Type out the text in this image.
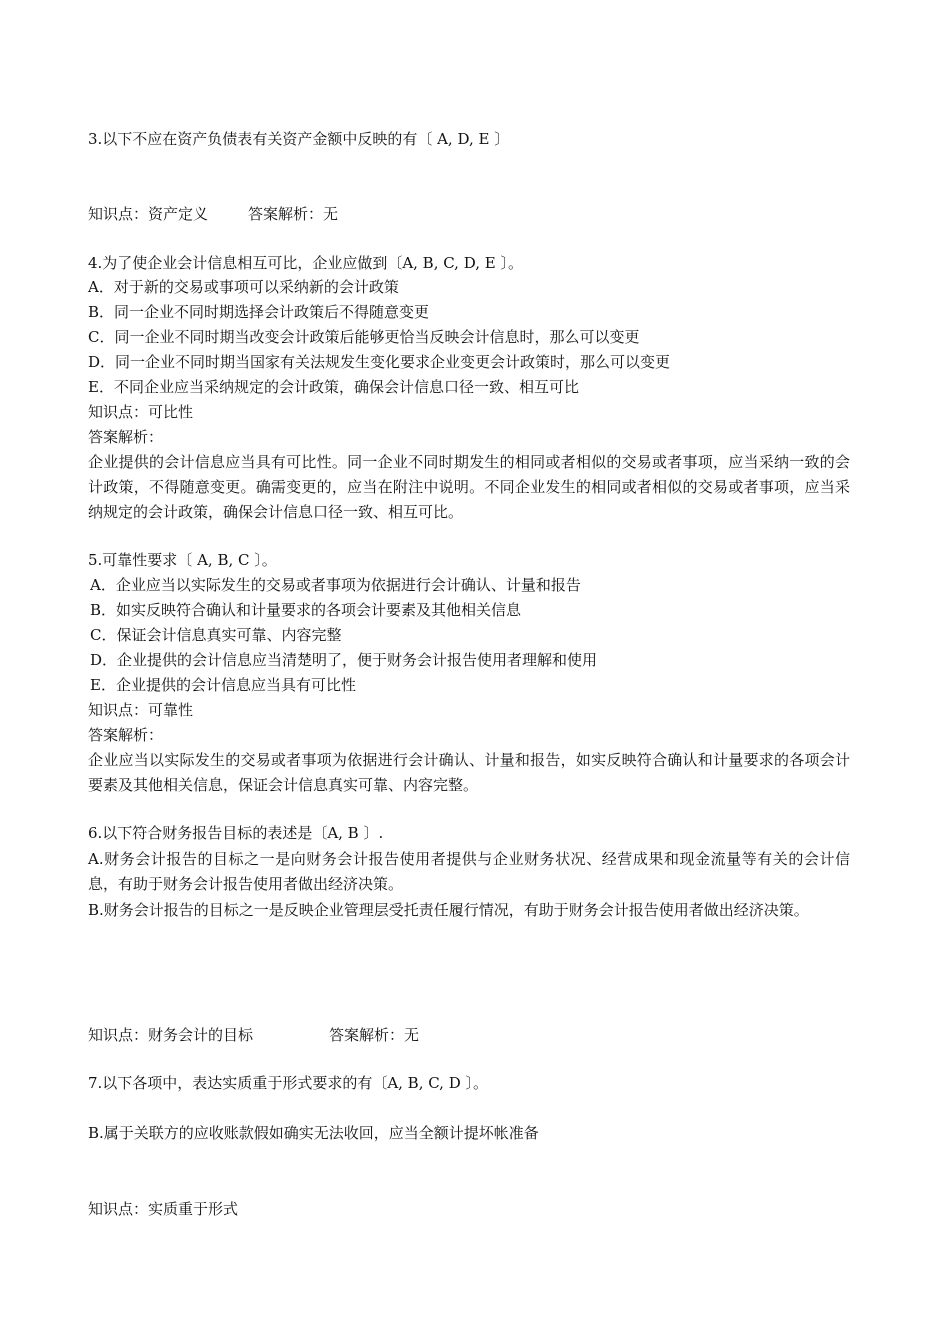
3.以下不应在资产负债表有关资产金额中反映的有〔 A, D, E 〕
知识点：资产定义	答案解析：无
4.为了使企业会计信息相互可比，企业应做到〔A, B, C, D, E 〕。
A．对于新的交易或事项可以采纳新的会计政策
B．同一企业不同时期选择会计政策后不得随意变更
C．同一企业不同时期当改变会计政策后能够更恰当反映会计信息时，那么可以变更
D．同一企业不同时期当国家有关法规发生变化要求企业变更会计政策时，那么可以变更
E．不同企业应当采纳规定的会计政策，确保会计信息口径一致、相互可比
知识点：可比性
答案解析：
企业提供的会计信息应当具有可比性。同一企业不同时期发生的相同或者相似的交易或者事项，应当采纳一致的会计政策，不得随意变更。确需变更的，应当在附注中说明。不同企业发生的相同或者相似的交易或者事项，应当采纳规定的会计政策，确保会计信息口径一致、相互可比。
5.可靠性要求〔 A, B, C 〕。
A．企业应当以实际发生的交易或者事项为依据进行会计确认、计量和报告
B．如实反映符合确认和计量要求的各项会计要素及其他相关信息
C．保证会计信息真实可靠、内容完整
D．企业提供的会计信息应当清楚明了，便于财务会计报告使用者理解和使用
E．企业提供的会计信息应当具有可比性
知识点：可靠性
答案解析：
企业应当以实际发生的交易或者事项为依据进行会计确认、计量和报告，如实反映符合确认和计量要求的各项会计要素及其他相关信息，保证会计信息真实可靠、内容完整。
6.以下符合财务报告目标的表述是〔A, B 〕.
A.财务会计报告的目标之一是向财务会计报告使用者提供与企业财务状况、经营成果和现金流量等有关的会计信息，有助于财务会计报告使用者做出经济决策。
B.财务会计报告的目标之一是反映企业管理层受托责任履行情况，有助于财务会计报告使用者做出经济决策。
知识点：财务会计的目标	答案解析：无
7.以下各项中，表达实质重于形式要求的有〔A, B, C, D 〕。
B.属于关联方的应收账款假如确实无法收回，应当全额计提坏帐准备
知识点：实质重于形式
